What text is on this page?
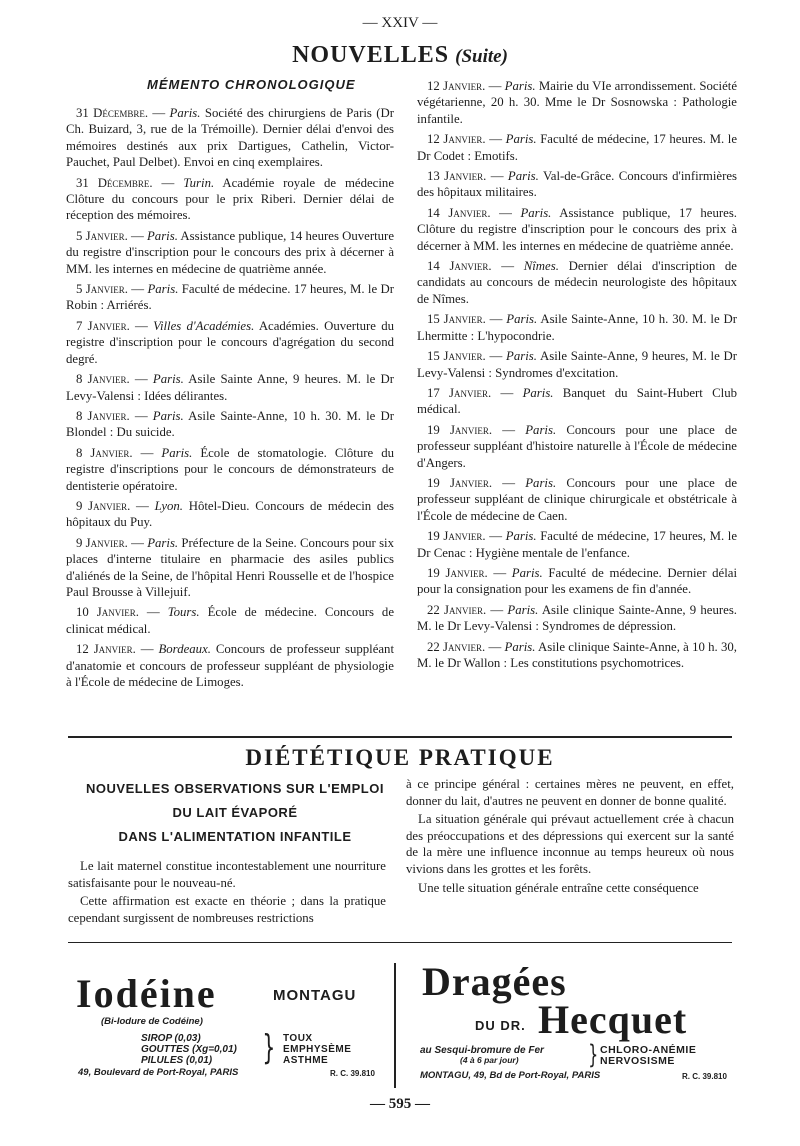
— XXIV —
NOUVELLES (Suite)
MÉMENTO CHRONOLOGIQUE

31 Décembre. — Paris. Société des chirurgiens de Paris (Dr Ch. Buizard, 3, rue de la Trémoille). Dernier délai d'envoi des mémoires destinés aux prix Dartigues, Cathelin, Victor-Pauchet, Paul Delbet). Envoi en cinq exemplaires.

31 Décembre. — Turin. Académie royale de médecine Clôture du concours pour le prix Riberi. Dernier délai de réception des mémoires.

5 Janvier. — Paris. Assistance publique, 14 heures Ouverture du registre d'inscription pour le concours des prix à décerner à MM. les internes en médecine de quatrième année.

5 Janvier. — Paris. Faculté de médecine. 17 heures, M. le Dr Robin : Arriérés.

7 Janvier. — Villes d'Académies. Académies. Ouverture du registre d'inscription pour le concours d'agrégation du second degré.

8 Janvier. — Paris. Asile Sainte Anne, 9 heures. M. le Dr Levy-Valensi : Idées délirantes.

8 Janvier. — Paris. Asile Sainte-Anne, 10 h. 30. M. le Dr Blondel : Du suicide.

8 Janvier. — Paris. École de stomatologie. Clôture du registre d'inscriptions pour le concours de démonstrateurs de dentisterie opératoire.

9 Janvier. — Lyon. Hôtel-Dieu. Concours de médecin des hôpitaux du Puy.

9 Janvier. — Paris. Préfecture de la Seine. Concours pour six places d'interne titulaire en pharmacie des asiles publics d'aliénés de la Seine, de l'hôpital Henri Rousselle et de l'hospice Paul Brousse à Villejuif.

10 Janvier. — Tours. École de médecine. Concours de clinicat médical.

12 Janvier. — Bordeaux. Concours de professeur suppléant d'anatomie et concours de professeur suppléant de physiologie à l'École de médecine de Limoges.

12 Janvier. — Paris. Mairie du VIe arrondissement. Société végétarienne, 20 h. 30. Mme le Dr Sosnowska : Pathologie infantile.

12 Janvier. — Paris. Faculté de médecine, 17 heures. M. le Dr Codet : Emotifs.

13 Janvier. — Paris. Val-de-Grâce. Concours d'infirmières des hôpitaux militaires.

14 Janvier. — Paris. Assistance publique, 17 heures. Clôture du registre d'inscription pour le concours des prix à décerner à MM. les internes en médecine de quatrième année.

14 Janvier. — Nîmes. Dernier délai d'inscription de candidats au concours de médecin neurologiste des hôpitaux de Nîmes.

15 Janvier. — Paris. Asile Sainte-Anne, 10 h. 30. M. le Dr Lhermitte : L'hypocondrie.

15 Janvier. — Paris. Asile Sainte-Anne, 9 heures, M. le Dr Levy-Valensi : Syndromes d'excitation.

17 Janvier. — Paris. Banquet du Saint-Hubert Club médical.

19 Janvier. — Paris. Concours pour une place de professeur suppléant d'histoire naturelle à l'École de médecine d'Angers.

19 Janvier. — Paris. Concours pour une place de professeur suppléant de clinique chirurgicale et obstétricale à l'École de médecine de Caen.

19 Janvier. — Paris. Faculté de médecine, 17 heures, M. le Dr Cenac : Hygiène mentale de l'enfance.

19 Janvier. — Paris. Faculté de médecine. Dernier délai pour la consignation pour les examens de fin d'année.

22 Janvier. — Paris. Asile clinique Sainte-Anne, 9 heures. M. le Dr Levy-Valensi : Syndromes de dépression.

22 Janvier. — Paris. Asile clinique Sainte-Anne, à 10 h. 30, M. le Dr Wallon : Les constitutions psychomotrices.

DIÉTÉTIQUE PRATIQUE
NOUVELLES OBSERVATIONS SUR L'EMPLOI
DU LAIT ÉVAPORÉ
DANS L'ALIMENTATION INFANTILE

Le lait maternel constitue incontestablement une nourriture satisfaisante pour le nouveau-né.

Cette affirmation est exacte en théorie ; dans la pratique cependant surgissent de nombreuses restrictions

à ce principe général : certaines mères ne peuvent, en effet, donner du lait, d'autres ne peuvent en donner de bonne qualité.

La situation générale qui prévaut actuellement crée à chacun des préoccupations et des dépressions qui exercent sur la santé de la mère une influence inconnue au temps heureux où nous vivions dans les grottes et les forêts.

Une telle situation générale entraîne cette conséquence

Iodéine	MONTAGU
(Bi-Iodure de Codéine)
SIROP (0,03)
GOUTTES (Xg=0,01)
PILULES (0,01)	} TOUX
EMPHYSÈME
ASTHME
49, Boulevard de Port-Royal, PARIS	R. C. 39.810
Dragées
DU DR. Hecquet
au Sesqui-bromure de Fer
(4 à 6 par jour)	} CHLORO-ANÉMIE
NERVOSISME
MONTAGU, 49, Bd de Port-Royal, PARIS	R. C. 39.810
— 595 —
